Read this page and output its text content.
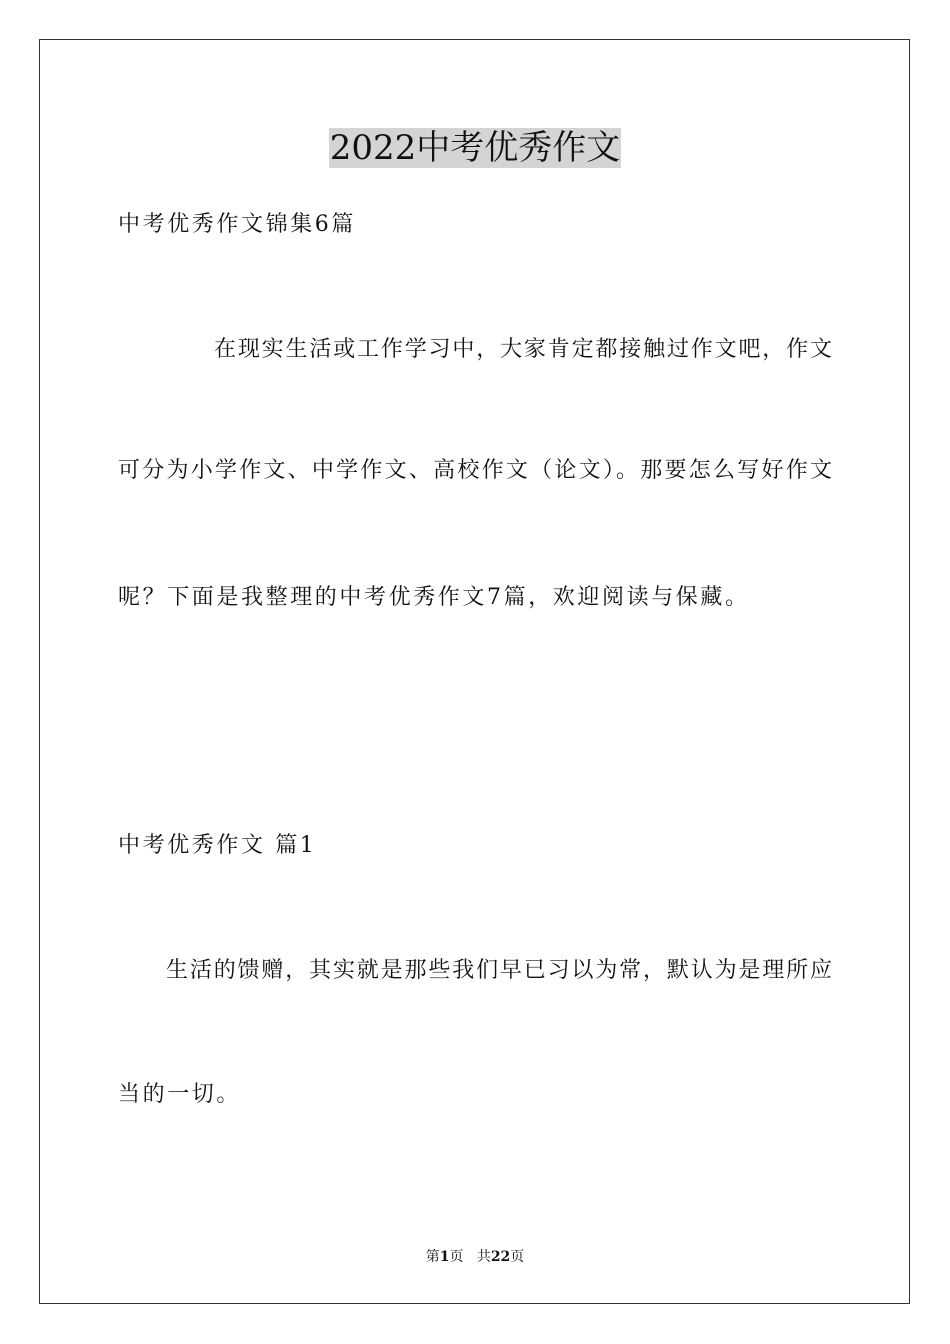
2022中考优秀作文
中考优秀作文锦集6篇
在现实生活或工作学习中，大家肯定都接触过作文吧，作文
可分为小学作文、中学作文、高校作文（论文）。那要怎么写好作文
呢？下面是我整理的中考优秀作文7篇，欢迎阅读与保藏。
中考优秀作文 篇1
生活的馈赠，其实就是那些我们早已习以为常，默认为是理所应
当的一切。
第1页 共22页
